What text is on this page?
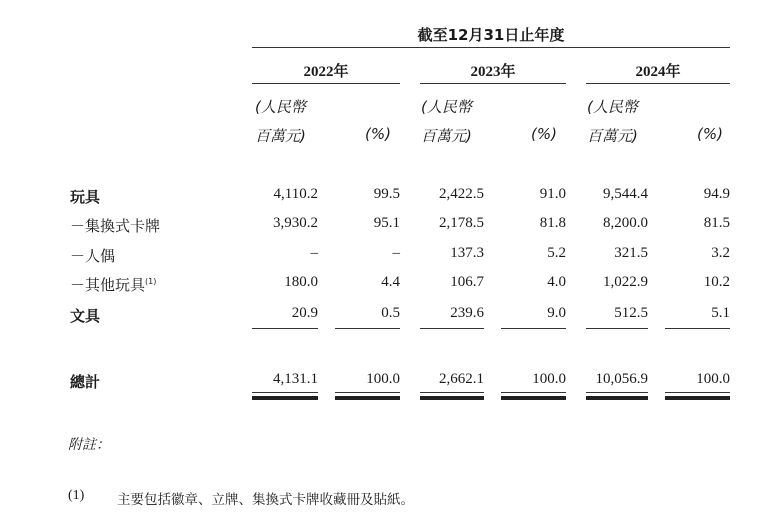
截至12月31日止年度
2022年	2023年	2024年
(人民幣
百萬元)	(%)
(人民幣
百萬元)	(%)
(人民幣
百萬元)	(%)
玩具	4,110.2	99.5	2,422.5	91.0	9,544.4	94.9
－集換式卡牌	3,930.2	95.1	2,178.5	81.8	8,200.0	81.5
－人偶	–	–	137.3	5.2	321.5	3.2
－其他玩具$^{(1)}$	180.0	4.4	106.7	4.0	1,022.9	10.2
文具	20.9	0.5	239.6	9.0	512.5	5.1
總計	4,131.1	100.0	2,662.1	100.0	10,056.9	100.0
附註：
(1) 主要包括徽章、立牌、集換式卡牌收藏冊及貼紙。
